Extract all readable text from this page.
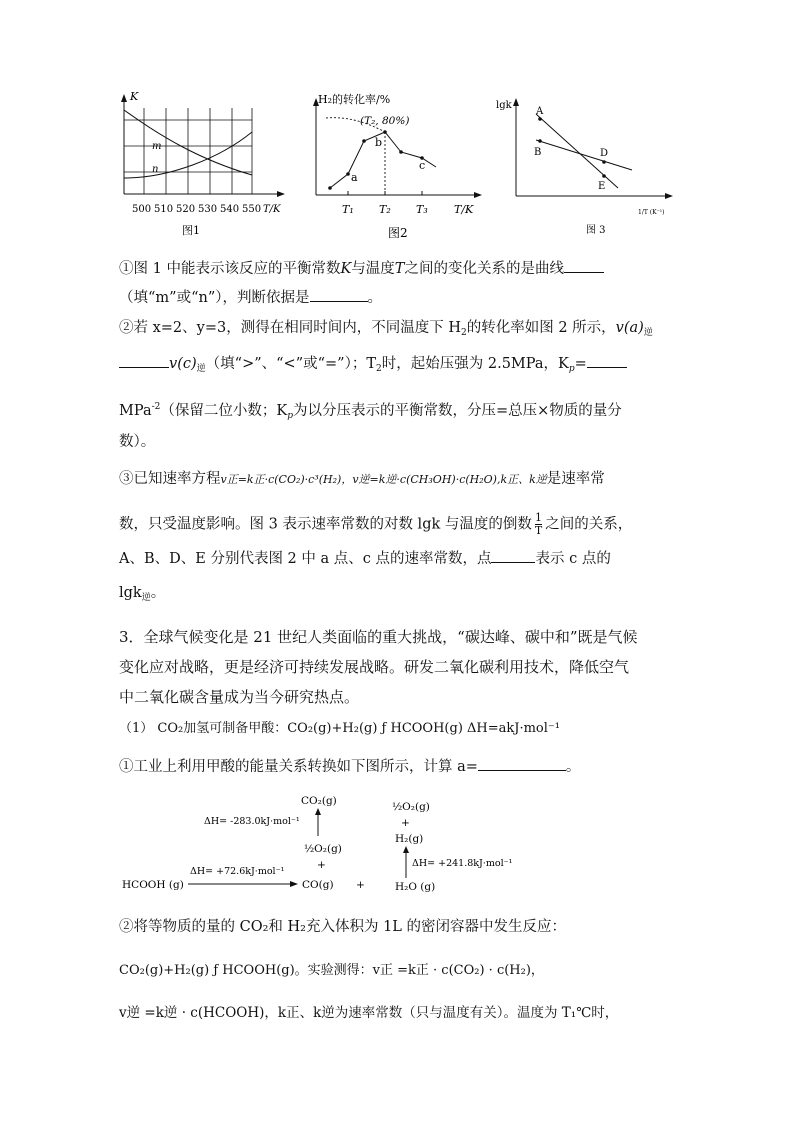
K
m
n
500 510 520 530 540 550 T/K
图1
H₂的转化率/%
(T₂, 80%)
a
b
c
T₁ T₂ T₃ T/K
图2
lgk
A
B	D
E
1/T (K⁻¹)
图 3
①图 1 中能表示该反应的平衡常数K与温度T之间的变化关系的是曲线
（填“m”或“n”），判断依据是	。
②若 x=2、y=3，测得在相同时间内，不同温度下 $H_2$的转化率如图 2 所示，$v(a)_逆$
$v(c)_逆$（填“>”、“<”或“=”）；$T_2$时，起始压强为 2.5MPa，$K_p=$
MPa$^{-2}$（保留二位小数；$K_p$为以分压表示的平衡常数，分压=总压×物质的量分
数）。
③已知速率方程v正=k正·c(CO₂)·c³(H₂)，v逆=k逆·c(CH₃OH)·c(H₂O),k正、k逆是速率常
数，只受温度影响。图 3 表示速率常数的对数 lgk 与温度的倒数 $\frac{1}{T}$ 之间的关系，
A、B、D、E 分别代表图 2 中 a 点、c 点的速率常数，点	表示 c 点的
lgk$_逆$。
3．全球气候变化是 21 世纪人类面临的重大挑战，“碳达峰、碳中和”既是气候
变化应对战略，更是经济可持续发展战略。研发二氧化碳利用技术，降低空气
中二氧化碳含量成为当今研究热点。
（1） CO₂加氢可制备甲酸：CO₂(g)+H₂(g) ƒ HCOOH(g) ΔH=akJ·mol⁻¹
①工业上利用甲酸的能量关系转换如下图所示，计算 a=	。
CO₂(g)
ΔH= -283.0kJ·mol⁻¹
½O₂(g)
+
HCOOH (g)
ΔH= +72.6kJ·mol⁻¹
CO(g) +
½O₂(g)
+
H₂(g)
ΔH= +241.8kJ·mol⁻¹
H₂O (g)
②将等物质的量的 CO₂和 H₂充入体积为 1L 的密闭容器中发生反应：
CO₂(g)+H₂(g) ƒ HCOOH(g)。实验测得：v正 =k正 · c(CO₂) · c(H₂)，
v逆 =k逆 · c(HCOOH)，k正、k逆为速率常数（只与温度有关）。温度为 T₁℃时，
